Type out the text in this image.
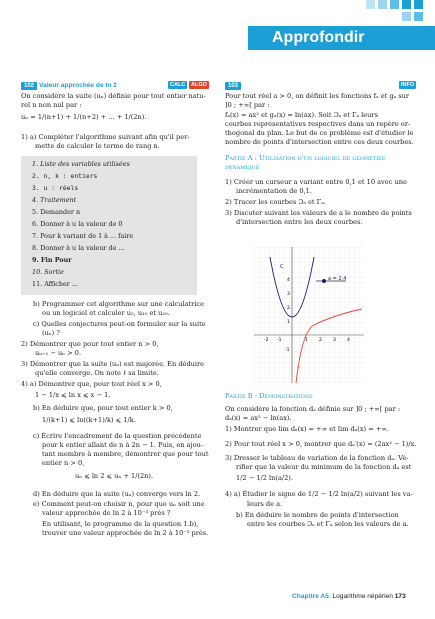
Approfondir
102 Valeur approchée de ln 2	CALC	ALGO
On considère la suite (uₙ) définie pour tout entier natu-
rel n non nul par :
uₙ = 1/(n+1) + 1/(n+2) + ... + 1/(2n).
1) a) Compléter l'algorithme suivant afin qu'il per-
mette de calculer le terme de rang n.
1. Liste des variables utilisées
2. n, k : entiers
3. u : réels
4. Traitement
5. Demander n
6. Donner à u la valeur de 0
7. Pour k variant de 1 à ... faire
8. Donner à u la valeur de ...
9. Fin Pour
10. Sortie
11. Afficher ...
b) Programmer cet algorithme sur une calculatrice
ou un logiciel et calculer u₅, u₁₀ et u₂₀.
c) Quelles conjectures peut-on formuler sur la suite
(uₙ) ?
2) Démontrer que pour tout entier n > 0,
uₙ₊₁ − uₙ > 0.
3) Démontrer que la suite (uₙ) est majorée. En déduire
qu'elle converge. On note ℓ sa limite.
4) a) Démontrer que, pour tout réel x > 0,
1 − 1/x ⩽ ln x ⩽ x − 1.
b) En déduire que, pour tout entier k > 0,
1/(k+1) ⩽ ln((k+1)/k) ⩽ 1/k.
c) Écrire l'encadrement de la question précédente
pour k entier allant de n à 2n − 1. Puis, en ajou-
tant membre à membre, démontrer que pour tout
entier n > 0,
uₙ ⩽ ln 2 ⩽ uₙ + 1/(2n).
d) En déduire que la suite (uₙ) converge vers ln 2.
e) Comment peut-on choisir n, pour que uₙ soit une
valeur approchée de ln 2 à 10⁻³ près ?
En utilisant, le programme de la question 1.b),
trouver une valeur approchée de ln 2 à 10⁻³ près.
103	INFO
Pour tout réel a > 0, on définit les fonctions fₐ et gₐ sur
]0 ; +∞[ par :
fₐ(x) = ax² et gₐ(x) = ln(ax). Soit Ɔₐ et Γₐ leurs
courbes représentatives respectives dans un repère or-
thogonal du plan. Le but de ce problème est d'étudier le
nombre de points d'intersection entre ces deux courbes.
Partie A : Utilisation d'un logiciel de géométrie
dynamique
1) Créer un curseur a variant entre 0,1 et 10 avec une
incrémentation de 0,1.
2) Tracer les courbes Ɔₐ et Γₐ.
3) Discuter suivant les valeurs de a le nombre de points
d'intersection entre les deux courbes.
a = 2,4
C
Γ
-2 -1	1 2 3 4
4
3
2
1
-1
Partie B : Démonstrations
On considère la fonction dₐ définie sur ]0 ; +∞[ par :
dₐ(x) = ax² − ln(ax).
1) Montrer que lim dₐ(x) = +∞ et lim dₐ(x) = +∞.
2) Pour tout réel x > 0, montrer que dₐ′(x) = (2ax² − 1)/x.
3) Dresser le tableau de variation de la fonction dₐ. Vé-
rifier que la valeur du minimum de la fonction dₐ est
1/2 − 1/2 ln(a/2).
4) a) Étudier le signe de 1/2 − 1/2 ln(a/2) suivant les va-
leurs de a.
b) En déduire le nombre de points d'intersection
entre les courbes Ɔₐ et Γₐ selon les valeurs de a.
Chapitre A5. Logarithme népérien 173
